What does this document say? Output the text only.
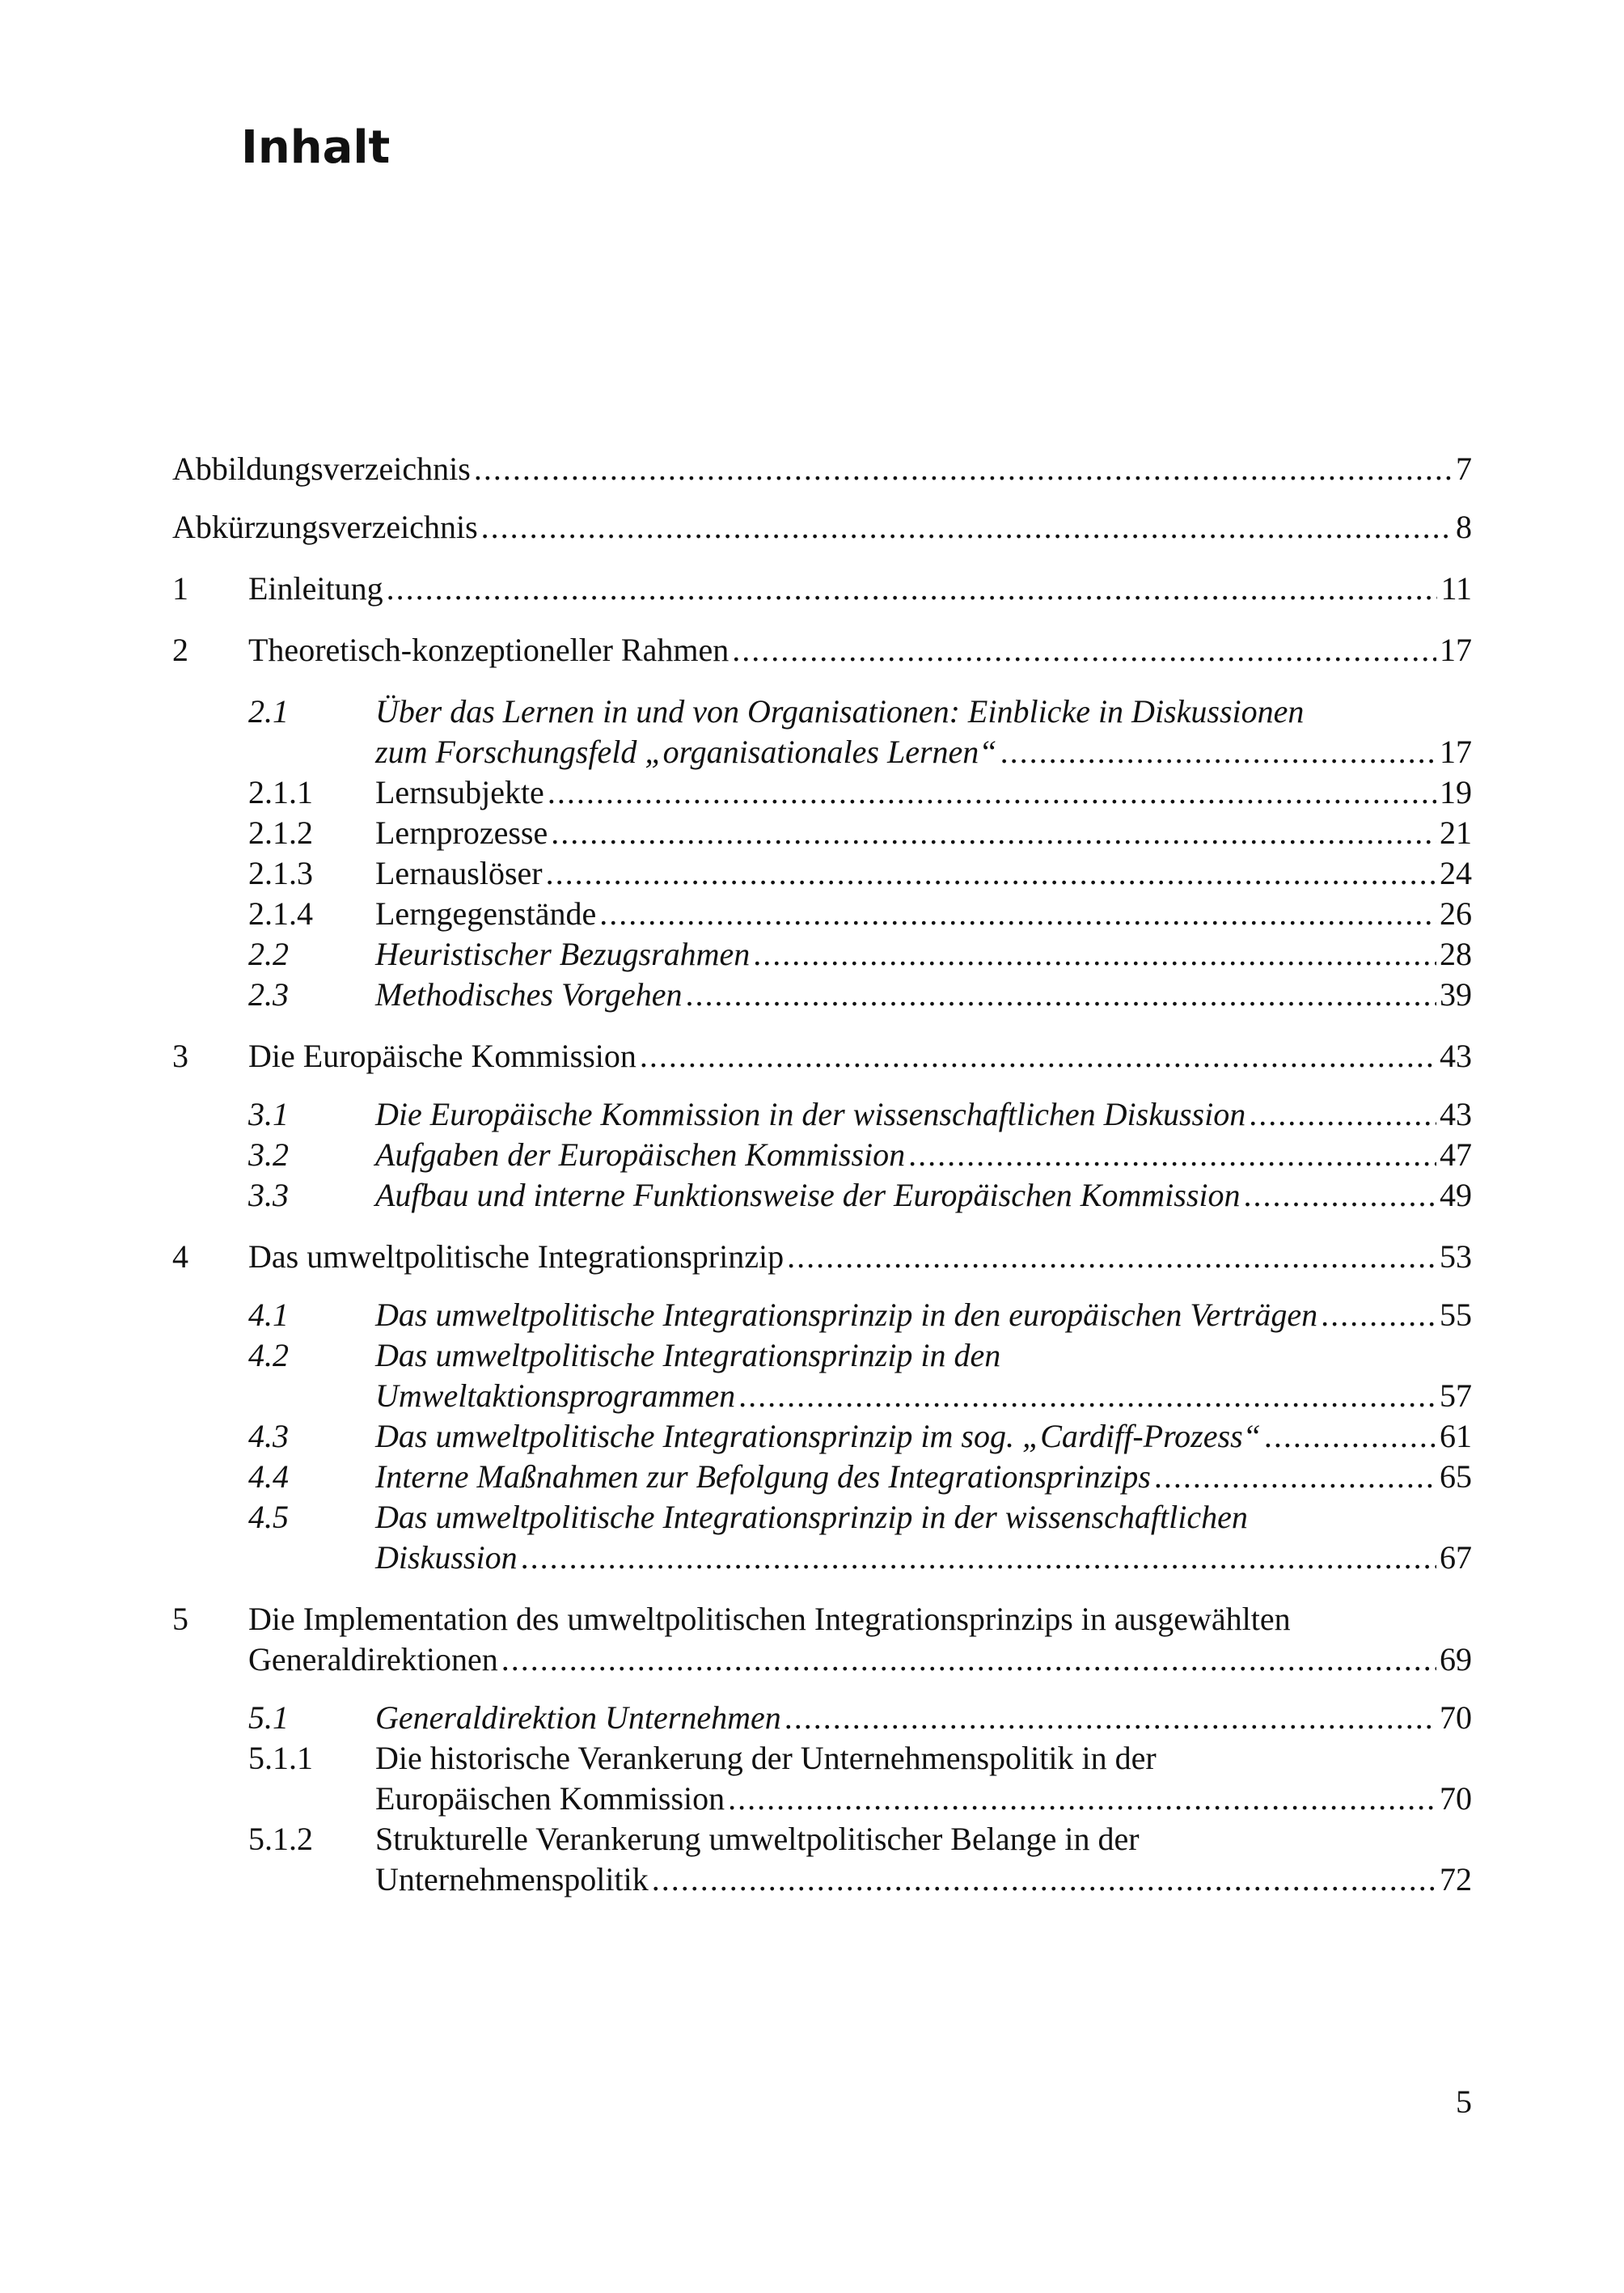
Inhalt
Abbildungsverzeichnis . . .	7
Abkürzungsverzeichnis . . .	8
1	Einleitung . . .	11
2	Theoretisch-konzeptioneller Rahmen . . .	17
2.1	Über das Lernen in und von Organisationen: Einblicke in Diskussionen
zum Forschungsfeld „organisationales Lernen“ . . .	17
2.1.1	Lernsubjekte . . .	19
2.1.2	Lernprozesse . . .	21
2.1.3	Lernauslöser . . .	24
2.1.4	Lerngegenstände . . .	26
2.2	Heuristischer Bezugsrahmen . . .	28
2.3	Methodisches Vorgehen . . .	39
3	Die Europäische Kommission . . .	43
3.1	Die Europäische Kommission in der wissenschaftlichen Diskussion . . .	43
3.2	Aufgaben der Europäischen Kommission . . .	47
3.3	Aufbau und interne Funktionsweise der Europäischen Kommission . . .	49
4	Das umweltpolitische Integrationsprinzip . . .	53
4.1	Das umweltpolitische Integrationsprinzip in den europäischen Verträgen . . .	55
4.2	Das umweltpolitische Integrationsprinzip in den
Umweltaktionsprogrammen . . .	57
4.3	Das umweltpolitische Integrationsprinzip im sog. „Cardiff-Prozess“ . . .	61
4.4	Interne Maßnahmen zur Befolgung des Integrationsprinzips . . .	65
4.5	Das umweltpolitische Integrationsprinzip in der wissenschaftlichen
Diskussion . . .	67
5	Die Implementation des umweltpolitischen Integrationsprinzips in ausgewählten
Generaldirektionen . . .	69
5.1	Generaldirektion Unternehmen . . .	70
5.1.1	Die historische Verankerung der Unternehmenspolitik in der
Europäischen Kommission . . .	70
5.1.2	Strukturelle Verankerung umweltpolitischer Belange in der
Unternehmenspolitik . . .	72
5
